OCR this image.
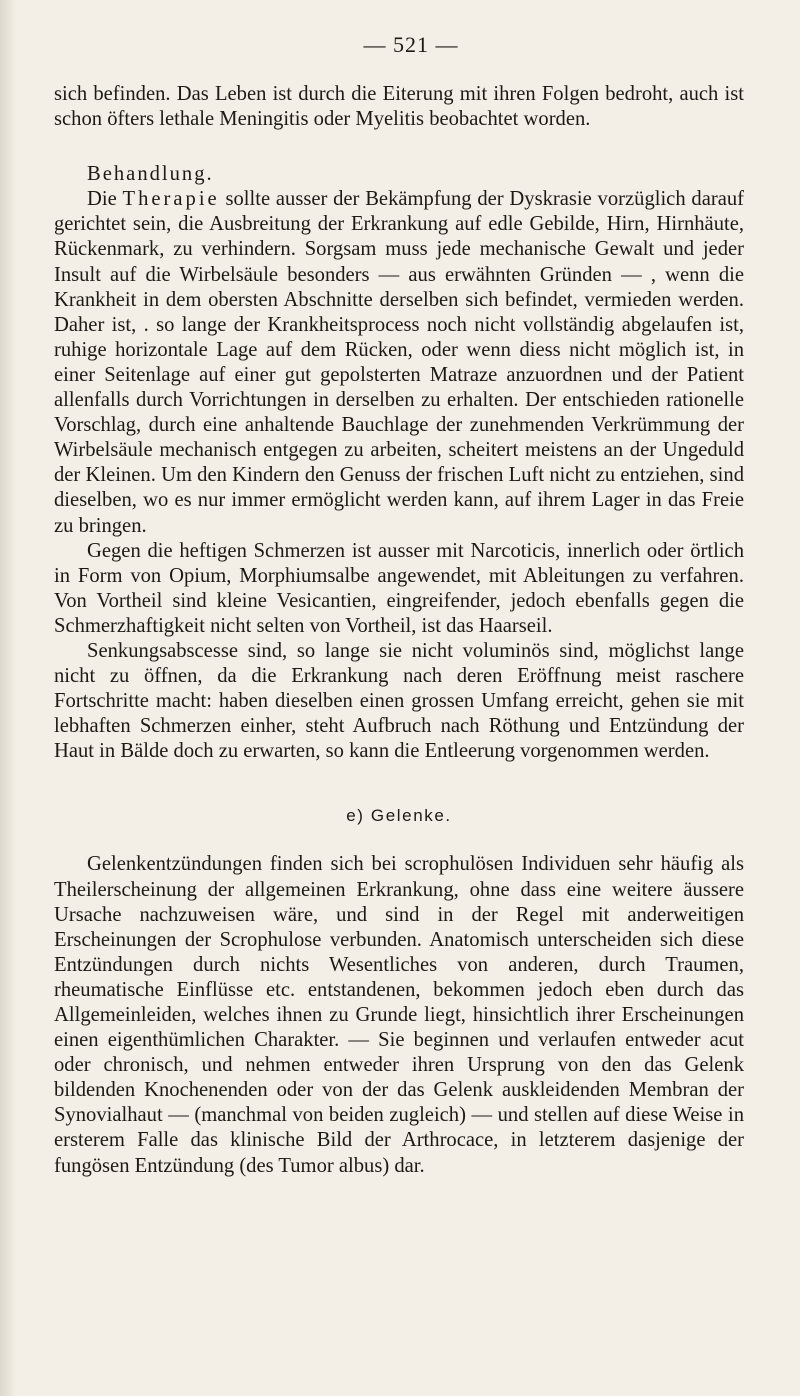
— 521 —

sich befinden. Das Leben ist durch die Eiterung mit ihren Folgen bedroht, auch ist schon öfters lethale Meningitis oder Myelitis beobachtet worden.

Behandlung.

Die Therapie sollte ausser der Bekämpfung der Dyskrasie vorzüglich darauf gerichtet sein, die Ausbreitung der Erkrankung auf edle Gebilde, Hirn, Hirnhäute, Rückenmark, zu verhindern. Sorgsam muss jede mechanische Gewalt und jeder Insult auf die Wirbelsäule besonders — aus erwähnten Gründen — , wenn die Krankheit in dem obersten Abschnitte derselben sich befindet, vermieden werden. Daher ist, . so lange der Krankheitsprocess noch nicht vollständig abgelaufen ist, ruhige horizontale Lage auf dem Rücken, oder wenn diess nicht möglich ist, in einer Seitenlage auf einer gut gepolsterten Matraze anzuordnen und der Patient allenfalls durch Vorrichtungen in derselben zu erhalten. Der entschieden rationelle Vorschlag, durch eine anhaltende Bauchlage der zunehmenden Verkrümmung der Wirbelsäule mechanisch entgegen zu arbeiten, scheitert meistens an der Ungeduld der Kleinen. Um den Kindern den Genuss der frischen Luft nicht zu entziehen, sind dieselben, wo es nur immer ermöglicht werden kann, auf ihrem Lager in das Freie zu bringen.

Gegen die heftigen Schmerzen ist ausser mit Narcoticis, innerlich oder örtlich in Form von Opium, Morphiumsalbe angewendet, mit Ableitungen zu verfahren. Von Vortheil sind kleine Vesicantien, eingreifender, jedoch ebenfalls gegen die Schmerzhaftigkeit nicht selten von Vortheil, ist das Haarseil.

Senkungsabscesse sind, so lange sie nicht voluminös sind, möglichst lange nicht zu öffnen, da die Erkrankung nach deren Eröffnung meist raschere Fortschritte macht: haben dieselben einen grossen Umfang erreicht, gehen sie mit lebhaften Schmerzen einher, steht Aufbruch nach Röthung und Entzündung der Haut in Bälde doch zu erwarten, so kann die Entleerung vorgenommen werden.

e) Gelenke.

Gelenkentzündungen finden sich bei scrophulösen Individuen sehr häufig als Theilerscheinung der allgemeinen Erkrankung, ohne dass eine weitere äussere Ursache nachzuweisen wäre, und sind in der Regel mit anderweitigen Erscheinungen der Scrophulose verbunden. Anatomisch unterscheiden sich diese Entzündungen durch nichts Wesentliches von anderen, durch Traumen, rheumatische Einflüsse etc. entstandenen, bekommen jedoch eben durch das Allgemeinleiden, welches ihnen zu Grunde liegt, hinsichtlich ihrer Erscheinungen einen eigenthümlichen Charakter. — Sie beginnen und verlaufen entweder acut oder chronisch, und nehmen entweder ihren Ursprung von den das Gelenk bildenden Knochenenden oder von der das Gelenk auskleidenden Membran der Synovialhaut — (manchmal von beiden zugleich) — und stellen auf diese Weise in ersterem Falle das klinische Bild der Arthrocace, in letzterem dasjenige der fungösen Entzündung (des Tumor albus) dar.
